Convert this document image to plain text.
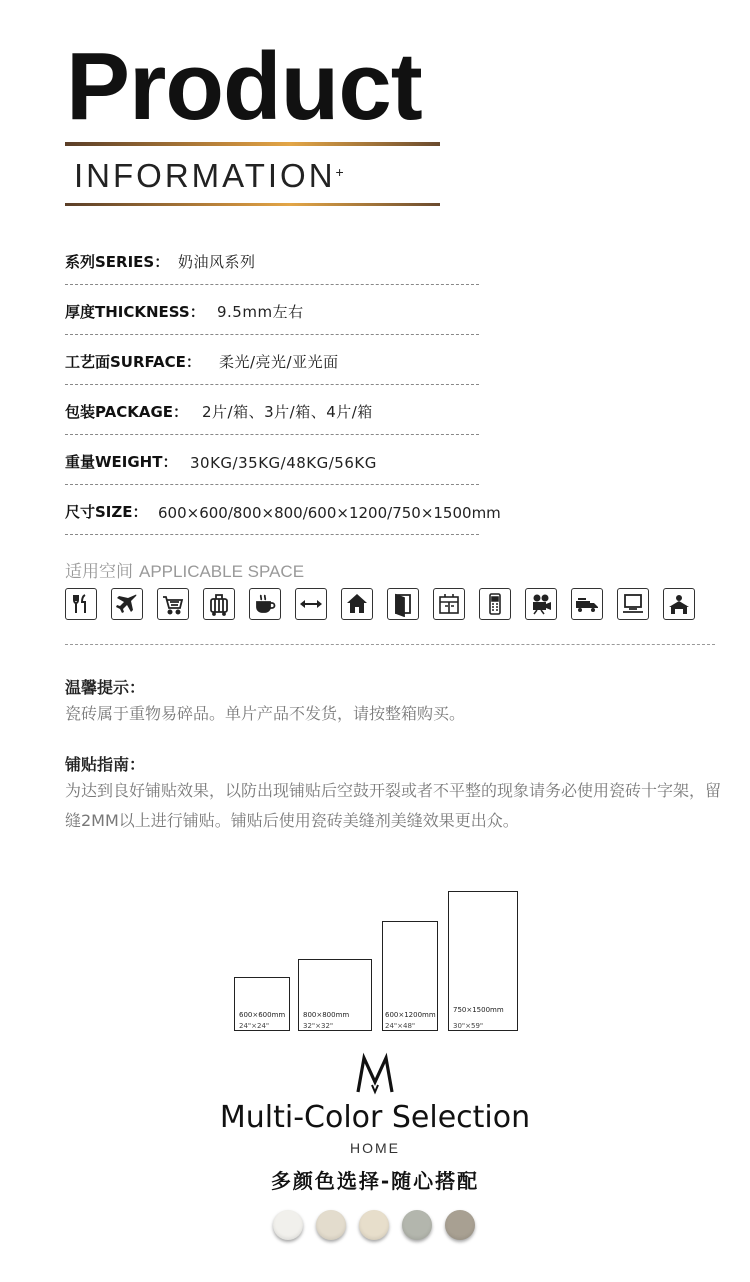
Product
INFORMATION+
系列SERIES： 奶油风系列
厚度THICKNESS： 9.5mm左右
工艺面SURFACE： 柔光/亮光/亚光面
包装PACKAGE： 2片/箱、3片/箱、4片/箱
重量WEIGHT： 30KG/35KG/48KG/56KG
尺寸SIZE： 600×600/800×800/600×1200/750×1500mm
适用空间 APPLICABLE SPACE
温馨提示：
瓷砖属于重物易碎品。单片产品不发货，请按整箱购买。
铺贴指南：
为达到良好铺贴效果，以防出现铺贴后空鼓开裂或者不平整的现象请务必使用瓷砖十字架，留缝2MM以上进行铺贴。铺贴后使用瓷砖美缝剂美缝效果更出众。
600×600mm
24"×24"
800×800mm
32"×32"
600×1200mm
24"×48"
750×1500mm
30"×59"
Multi-Color Selection
HOME
多颜色选择-随心搭配
